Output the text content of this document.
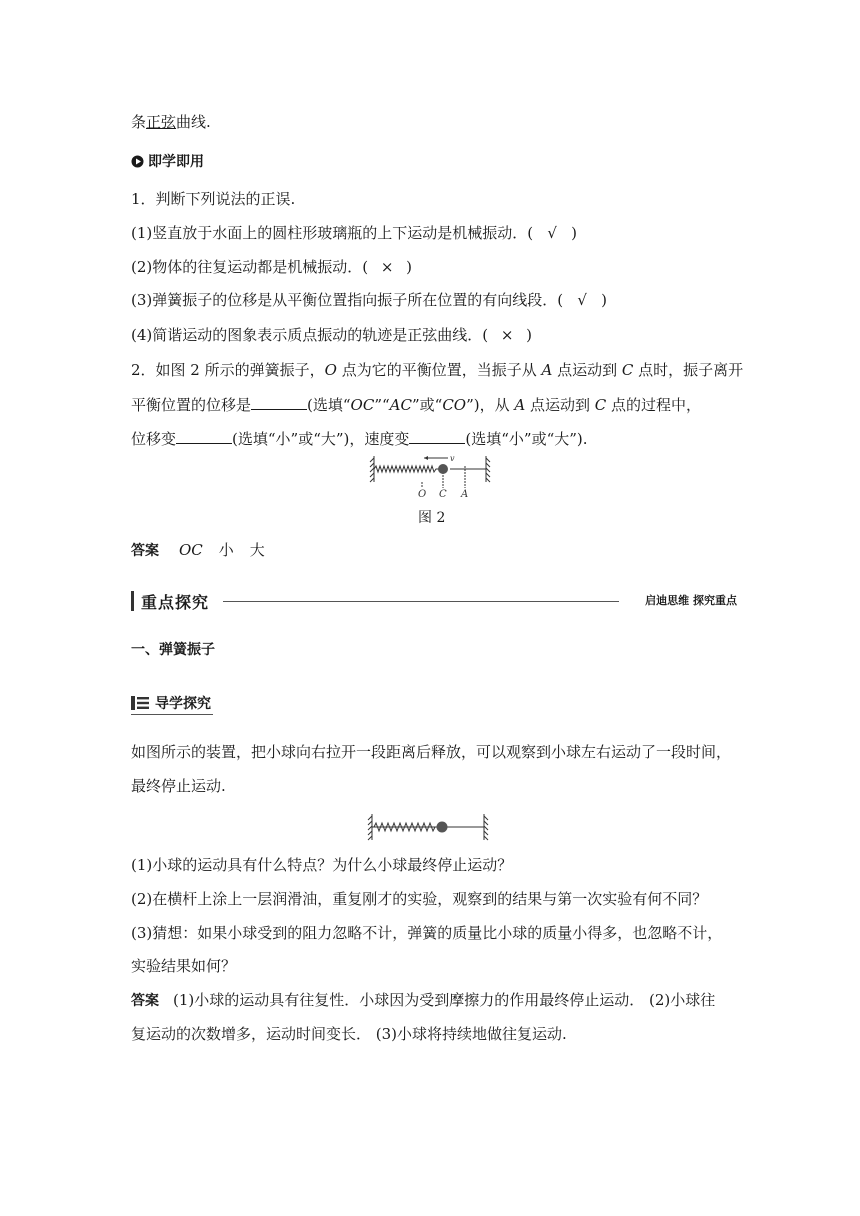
条正弦曲线.
即学即用
1．判断下列说法的正误.
(1)竖直放于水面上的圆柱形玻璃瓶的上下运动是机械振动．( √ )
(2)物体的往复运动都是机械振动．( × )
(3)弹簧振子的位移是从平衡位置指向振子所在位置的有向线段．( √ )
(4)简谐运动的图象表示质点振动的轨迹是正弦曲线．( × )
2．如图 2 所示的弹簧振子，O 点为它的平衡位置，当振子从 A 点运动到 C 点时，振子离开
平衡位置的位移是	(选填“OC”“AC”或“CO”)，从 A 点运动到 C 点的过程中，
位移变	(选填“小”或“大”)，速度变	(选填“小”或“大”).
v
O C A
图 2
答案 OC 小 大
重点探究	启迪思维 探究重点
一、弹簧振子
导学探究
如图所示的装置，把小球向右拉开一段距离后释放，可以观察到小球左右运动了一段时间，
最终停止运动.
(1)小球的运动具有什么特点？为什么小球最终停止运动？
(2)在横杆上涂上一层润滑油，重复刚才的实验，观察到的结果与第一次实验有何不同？
(3)猜想：如果小球受到的阻力忽略不计，弹簧的质量比小球的质量小得多，也忽略不计，
实验结果如何？
答案 (1)小球的运动具有往复性．小球因为受到摩擦力的作用最终停止运动． (2)小球往
复运动的次数增多，运动时间变长． (3)小球将持续地做往复运动.
